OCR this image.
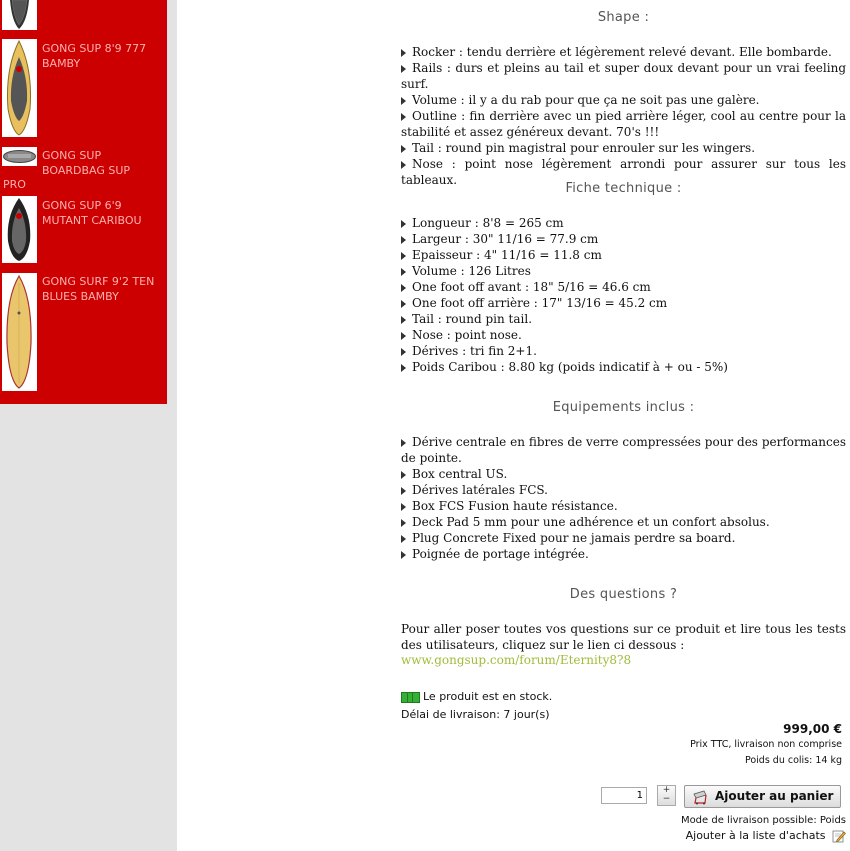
GONG SUP 8'9 777 BAMBY
GONG SUP BOARDBAG SUP
PRO
GONG SUP 6'9 MUTANT CARIBOU
GONG SURF 9'2 TEN BLUES BAMBY
Shape :
Rocker : tendu derrière et légèrement relevé devant. Elle bombarde.
Rails : durs et pleins au tail et super doux devant pour un vrai feeling surf.
Volume : il y a du rab pour que ça ne soit pas une galère.
Outline : fin derrière avec un pied arrière léger, cool au centre pour la stabilité et assez généreux devant. 70's !!!
Tail : round pin magistral pour enrouler sur les wingers.
Nose : point nose légèrement arrondi pour assurer sur tous les tableaux.
Fiche technique :
Longueur : 8'8 = 265 cm
Largeur : 30" 11/16 = 77.9 cm
Epaisseur : 4" 11/16 = 11.8 cm
Volume : 126 Litres
One foot off avant : 18" 5/16 = 46.6 cm
One foot off arrière : 17" 13/16 = 45.2 cm
Tail : round pin tail.
Nose : point nose.
Dérives : tri fin 2+1.
Poids Caribou : 8.80 kg (poids indicatif à + ou - 5%)
Equipements inclus :
Dérive centrale en fibres de verre compressées pour des performances de pointe.
Box central US.
Dérives latérales FCS.
Box FCS Fusion haute résistance.
Deck Pad 5 mm pour une adhérence et un confort absolus.
Plug Concrete Fixed pour ne jamais perdre sa board.
Poignée de portage intégrée.
Des questions ?

Pour aller poser toutes vos questions sur ce produit et lire tous les tests des utilisateurs, cliquez sur le lien ci dessous :

www.gongsup.com/forum/Eternity8?8
Le produit est en stock.
Délai de livraison: 7 jour(s)
999,00 €
Prix TTC, livraison non comprise
Poids du colis: 14 kg
1
+
−	Ajouter au panier
Mode de livraison possible: Poids
Ajouter à la liste d'achats
